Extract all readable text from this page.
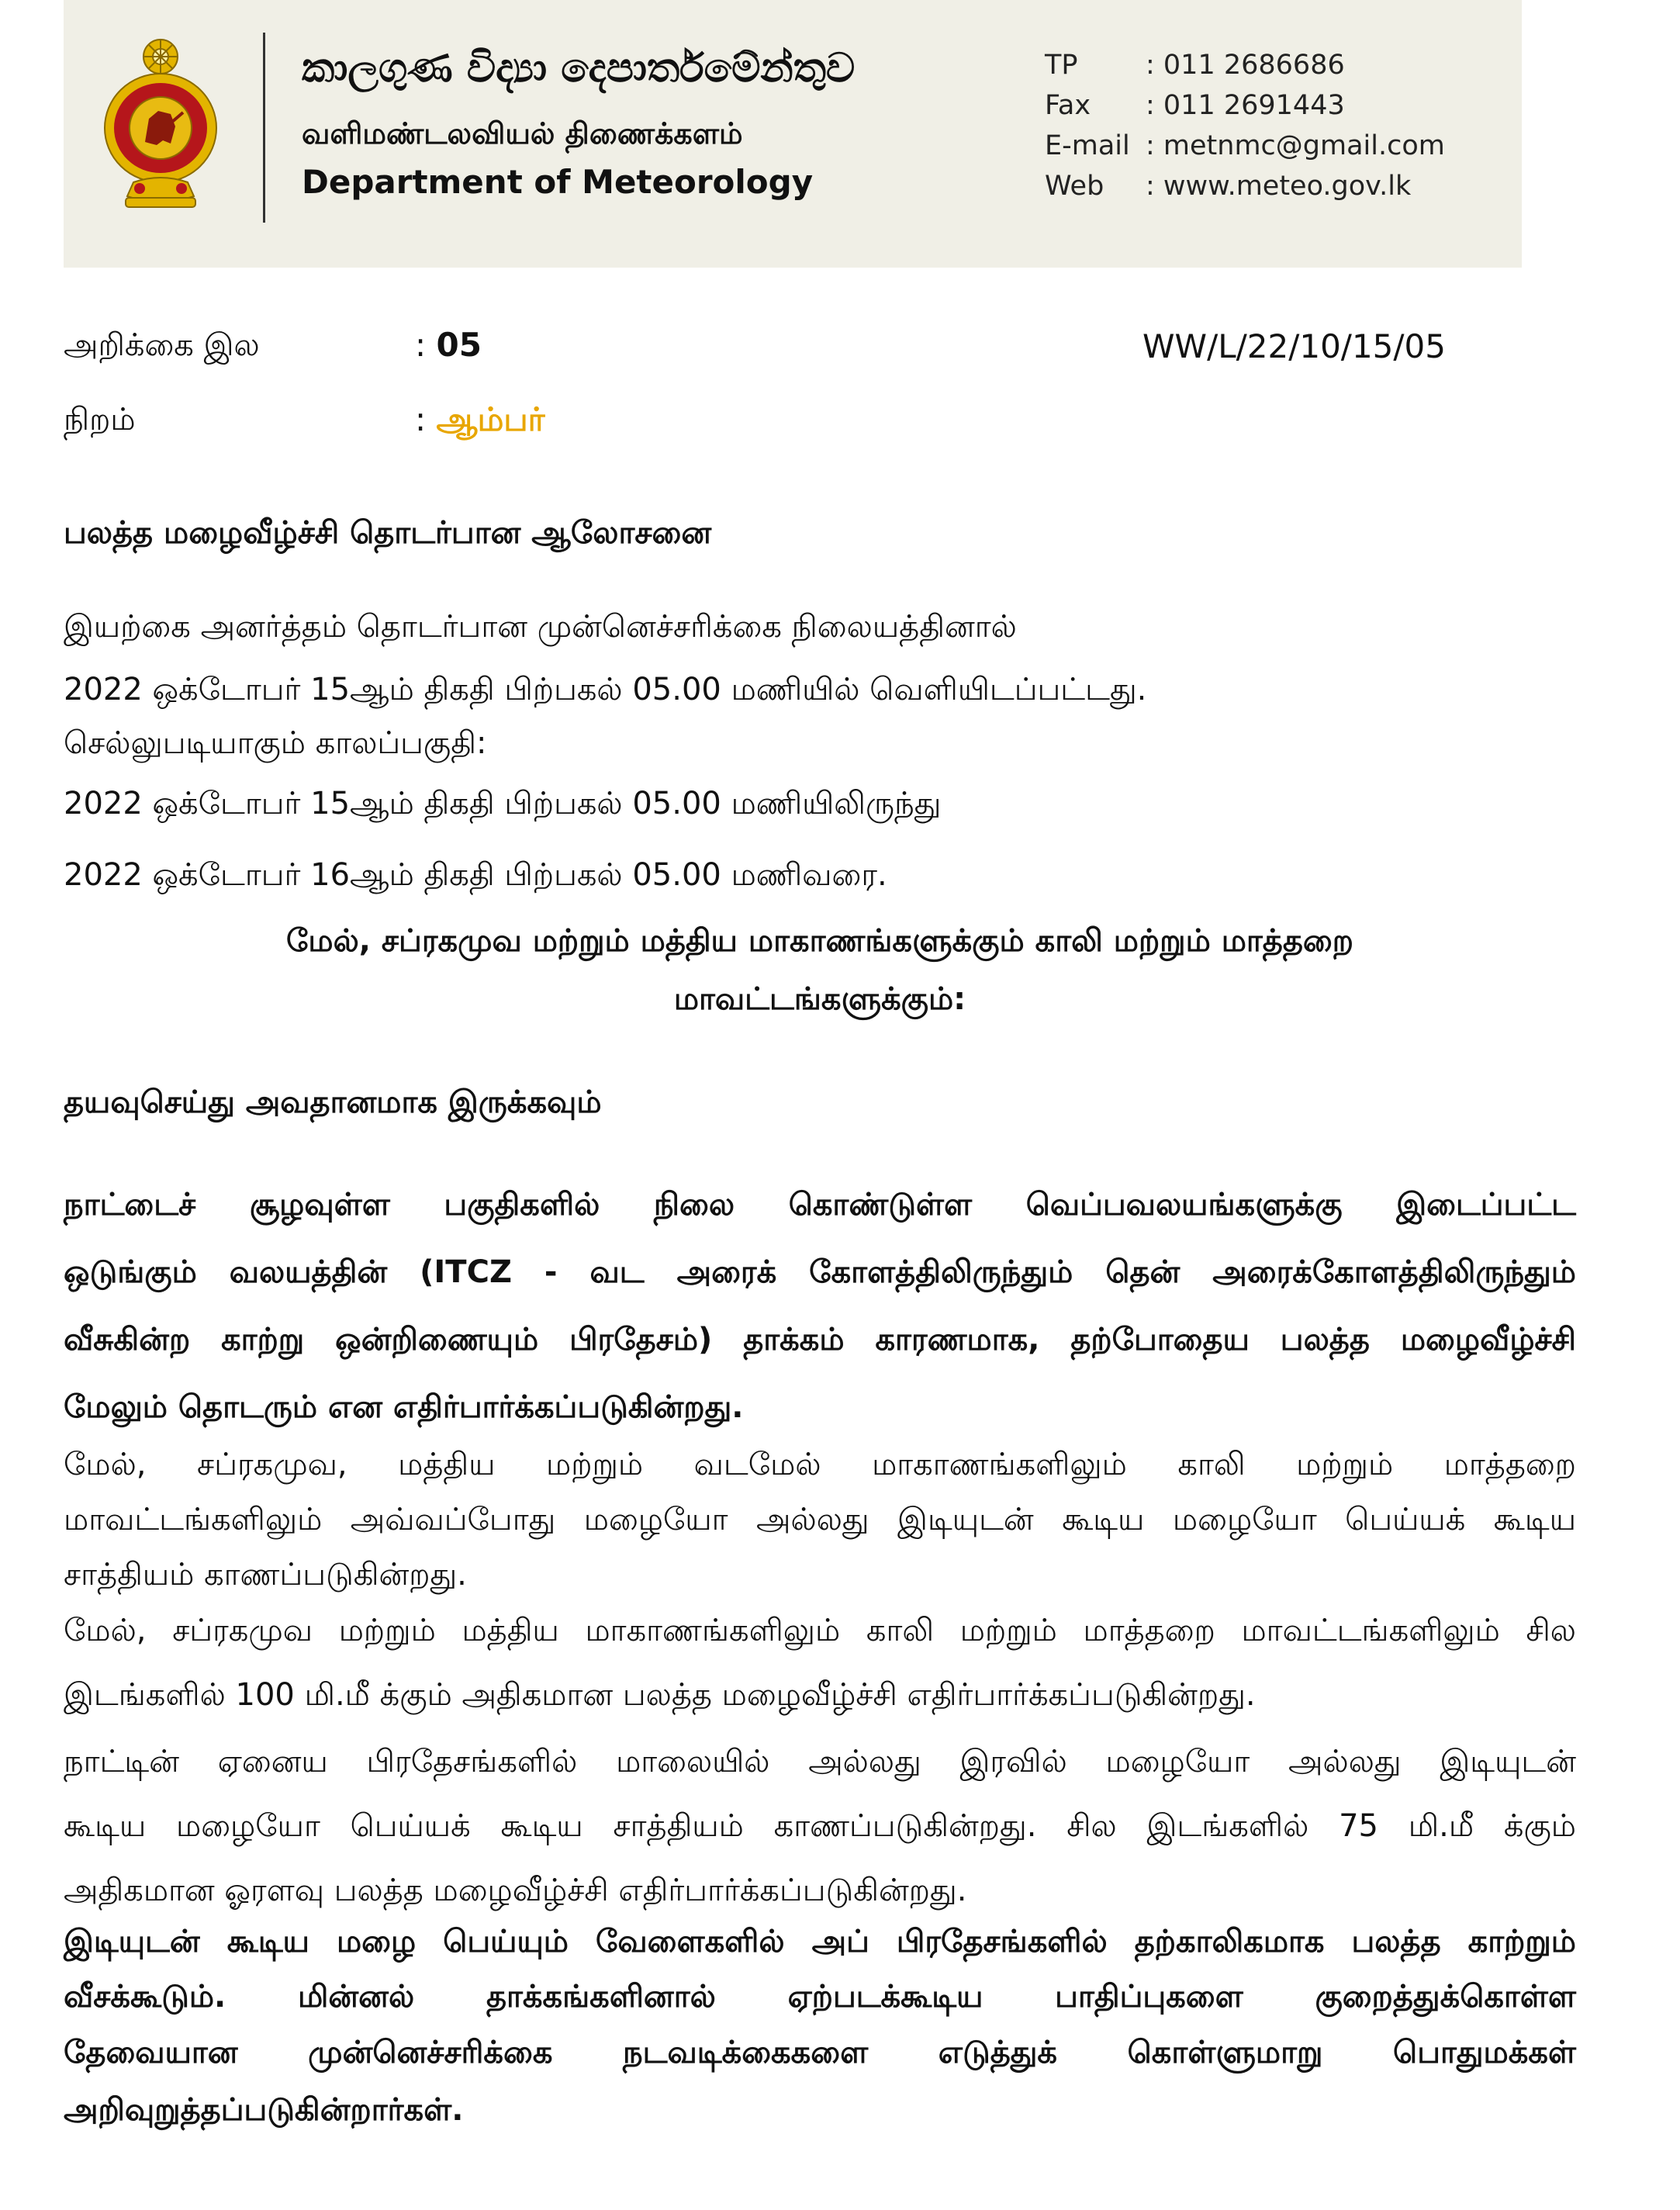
කාලගුණ විද්‍යා දෙපාර්තමේන්තුව
வளிமண்டலவியல் திணைக்களம்
Department of Meteorology
TP	: 011 2686686
Fax	: 011 2691443
E-mail : metnmc@gmail.com
Web	: www.meteo.gov.lk
அறிக்கை இல	: 05	WW/L/22/10/15/05
நிறம்	: ஆம்பர்
பலத்த மழைவீழ்ச்சி தொடர்பான ஆலோசனை
இயற்கை அனர்த்தம் தொடர்பான முன்னெச்சரிக்கை நிலையத்தினால்
2022 ஒக்டோபர் 15ஆம் திகதி பிற்பகல் 05.00 மணியில் வெளியிடப்பட்டது.
செல்லுபடியாகும் காலப்பகுதி:
2022 ஒக்டோபர் 15ஆம் திகதி பிற்பகல் 05.00 மணியிலிருந்து
2022 ஒக்டோபர் 16ஆம் திகதி பிற்பகல் 05.00 மணிவரை.
மேல், சப்ரகமுவ மற்றும் மத்திய மாகாணங்களுக்கும் காலி மற்றும் மாத்தறை
மாவட்டங்களுக்கும்:
தயவுசெய்து அவதானமாக இருக்கவும்
நாட்டைச் சூழவுள்ள பகுதிகளில் நிலை கொண்டுள்ள வெப்பவலயங்களுக்கு இடைப்பட்ட
ஒடுங்கும் வலயத்தின் (ITCZ - வட அரைக் கோளத்திலிருந்தும் தென் அரைக்கோளத்திலிருந்தும்
வீசுகின்ற காற்று ஒன்றிணையும் பிரதேசம்) தாக்கம் காரணமாக, தற்போதைய பலத்த மழைவீழ்ச்சி
மேலும் தொடரும் என எதிர்பார்க்கப்படுகின்றது.
மேல், சப்ரகமுவ, மத்திய மற்றும் வடமேல் மாகாணங்களிலும் காலி மற்றும் மாத்தறை
மாவட்டங்களிலும் அவ்வப்போது மழையோ அல்லது இடியுடன் கூடிய மழையோ பெய்யக் கூடிய
சாத்தியம் காணப்படுகின்றது.
மேல், சப்ரகமுவ மற்றும் மத்திய மாகாணங்களிலும் காலி மற்றும் மாத்தறை மாவட்டங்களிலும் சில
இடங்களில் 100 மி.மீ க்கும் அதிகமான பலத்த மழைவீழ்ச்சி எதிர்பார்க்கப்படுகின்றது.
நாட்டின் ஏனைய பிரதேசங்களில் மாலையில் அல்லது இரவில் மழையோ அல்லது இடியுடன்
கூடிய மழையோ பெய்யக் கூடிய சாத்தியம் காணப்படுகின்றது. சில இடங்களில் 75 மி.மீ க்கும்
அதிகமான ஓரளவு பலத்த மழைவீழ்ச்சி எதிர்பார்க்கப்படுகின்றது.
இடியுடன் கூடிய மழை பெய்யும் வேளைகளில் அப் பிரதேசங்களில் தற்காலிகமாக பலத்த காற்றும்
வீசக்கூடும். மின்னல் தாக்கங்களினால் ஏற்படக்கூடிய பாதிப்புகளை குறைத்துக்கொள்ள
தேவையான முன்னெச்சரிக்கை நடவடிக்கைகளை எடுத்துக் கொள்ளுமாறு பொதுமக்கள்
அறிவுறுத்தப்படுகின்றார்கள்.
